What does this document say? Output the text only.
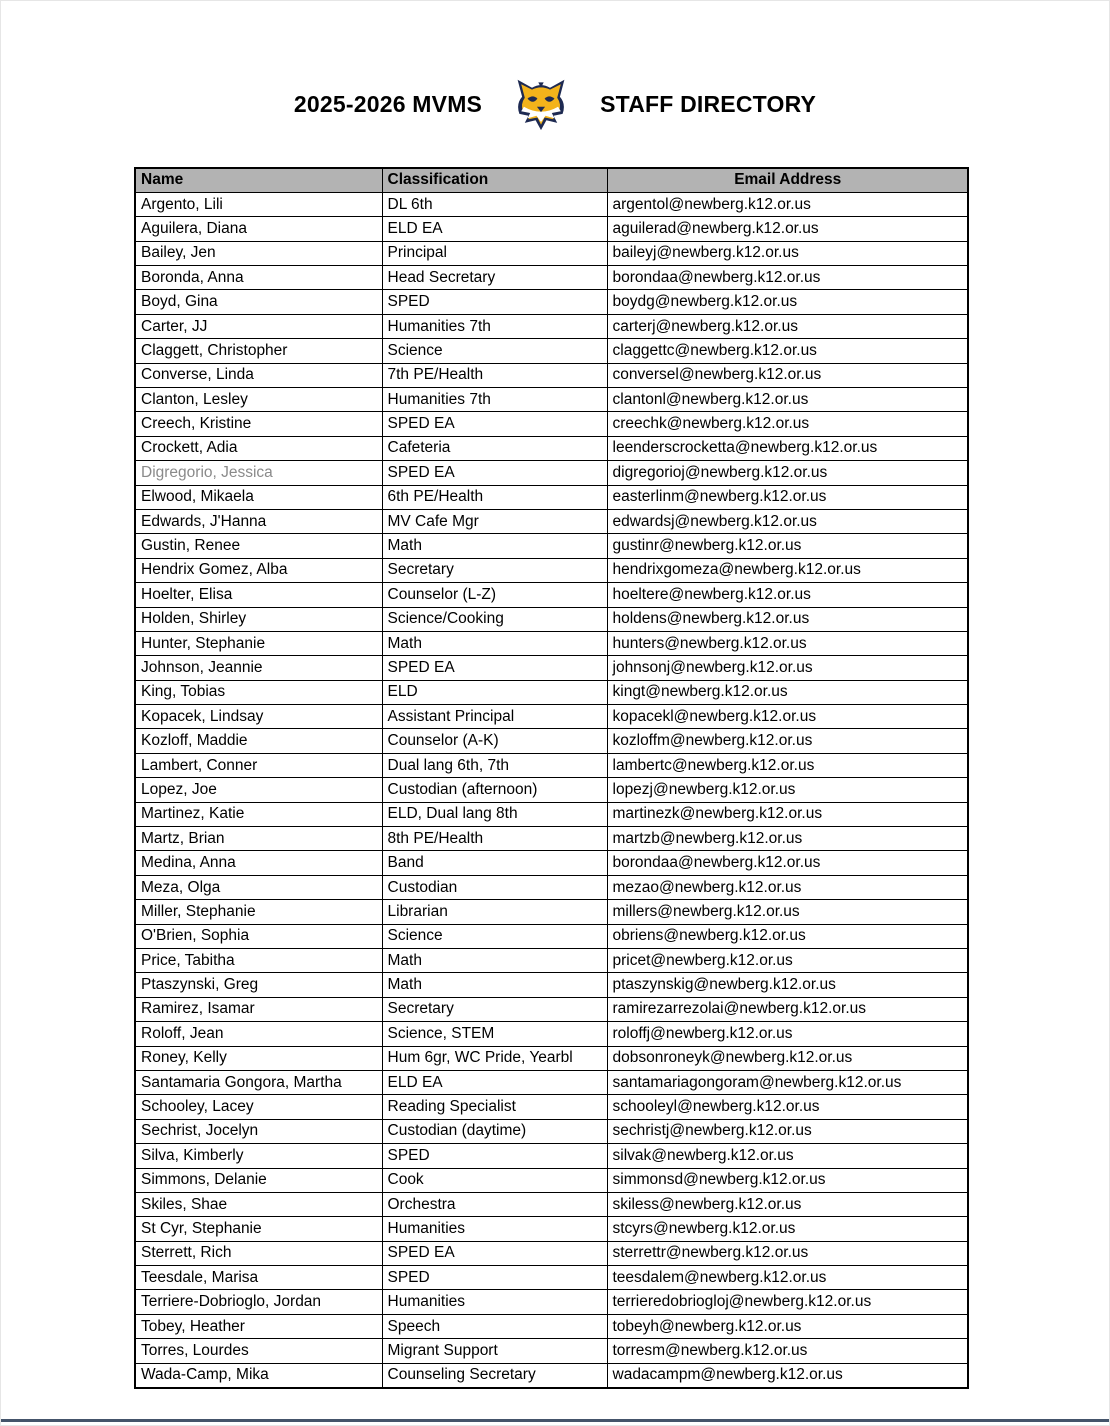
2025-2026 MVMS	STAFF DIRECTORY
Name	Classification	Email Address
Argento, Lili	DL 6th	argentol@newberg.k12.or.us
Aguilera, Diana	ELD EA	aguilerad@newberg.k12.or.us
Bailey, Jen	Principal	baileyj@newberg.k12.or.us
Boronda, Anna	Head Secretary	borondaa@newberg.k12.or.us
Boyd, Gina	SPED	boydg@newberg.k12.or.us
Carter, JJ	Humanities 7th	carterj@newberg.k12.or.us
Claggett, Christopher	Science	claggettc@newberg.k12.or.us
Converse, Linda	7th PE/Health	conversel@newberg.k12.or.us
Clanton, Lesley	Humanities 7th	clantonl@newberg.k12.or.us
Creech, Kristine	SPED EA	creechk@newberg.k12.or.us
Crockett, Adia	Cafeteria	leenderscrocketta@newberg.k12.or.us
Digregorio, Jessica	SPED EA	digregorioj@newberg.k12.or.us
Elwood, Mikaela	6th PE/Health	easterlinm@newberg.k12.or.us
Edwards, J'Hanna	MV Cafe Mgr	edwardsj@newberg.k12.or.us
Gustin, Renee	Math	gustinr@newberg.k12.or.us
Hendrix Gomez, Alba	Secretary	hendrixgomeza@newberg.k12.or.us
Hoelter, Elisa	Counselor (L-Z)	hoeltere@newberg.k12.or.us
Holden, Shirley	Science/Cooking	holdens@newberg.k12.or.us
Hunter, Stephanie	Math	hunters@newberg.k12.or.us
Johnson, Jeannie	SPED EA	johnsonj@newberg.k12.or.us
King, Tobias	ELD	kingt@newberg.k12.or.us
Kopacek, Lindsay	Assistant Principal	kopacekl@newberg.k12.or.us
Kozloff, Maddie	Counselor (A-K)	kozloffm@newberg.k12.or.us
Lambert, Conner	Dual lang 6th, 7th	lambertc@newberg.k12.or.us
Lopez, Joe	Custodian (afternoon)	lopezj@newberg.k12.or.us
Martinez, Katie	ELD, Dual lang 8th	martinezk@newberg.k12.or.us
Martz, Brian	8th PE/Health	martzb@newberg.k12.or.us
Medina, Anna	Band	borondaa@newberg.k12.or.us
Meza, Olga	Custodian	mezao@newberg.k12.or.us
Miller, Stephanie	Librarian	millers@newberg.k12.or.us
O'Brien, Sophia	Science	obriens@newberg.k12.or.us
Price, Tabitha	Math	pricet@newberg.k12.or.us
Ptaszynski, Greg	Math	ptaszynskig@newberg.k12.or.us
Ramirez, Isamar	Secretary	ramirezarrezolai@newberg.k12.or.us
Roloff, Jean	Science, STEM	roloffj@newberg.k12.or.us
Roney, Kelly	Hum 6gr, WC Pride, Yearbl	dobsonroneyk@newberg.k12.or.us
Santamaria Gongora, Martha	ELD EA	santamariagongoram@newberg.k12.or.us
Schooley, Lacey	Reading Specialist	schooleyl@newberg.k12.or.us
Sechrist, Jocelyn	Custodian (daytime)	sechristj@newberg.k12.or.us
Silva, Kimberly	SPED	silvak@newberg.k12.or.us
Simmons, Delanie	Cook	simmonsd@newberg.k12.or.us
Skiles, Shae	Orchestra	skiless@newberg.k12.or.us
St Cyr, Stephanie	Humanities	stcyrs@newberg.k12.or.us
Sterrett, Rich	SPED EA	sterrettr@newberg.k12.or.us
Teesdale, Marisa	SPED	teesdalem@newberg.k12.or.us
Terriere-Dobrioglo, Jordan	Humanities	terrieredobriogloj@newberg.k12.or.us
Tobey, Heather	Speech	tobeyh@newberg.k12.or.us
Torres, Lourdes	Migrant Support	torresm@newberg.k12.or.us
Wada-Camp, Mika	Counseling Secretary	wadacampm@newberg.k12.or.us
